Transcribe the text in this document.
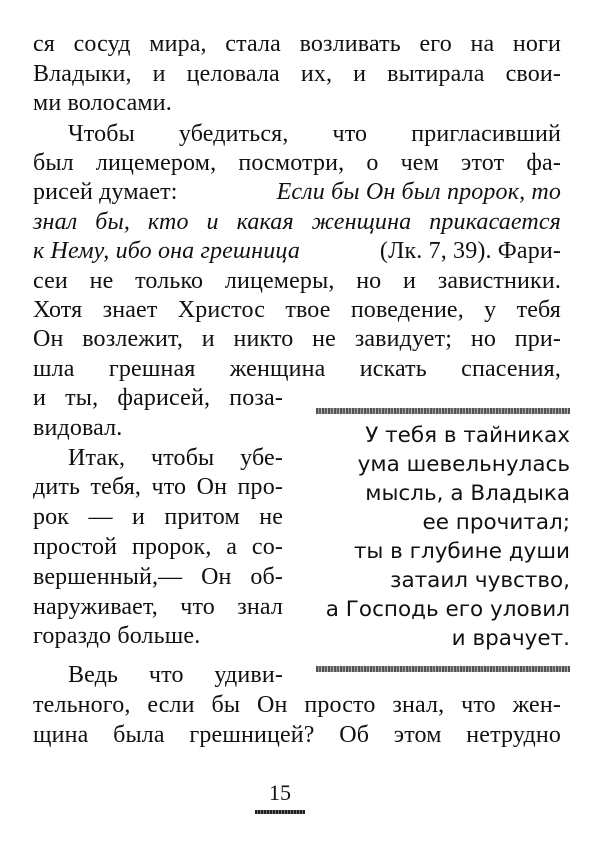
ся сосуд мира, стала возливать его на ноги
Владыки, и целовала их, и вытирала свои-
ми волосами.
Чтобы убедиться, что пригласивший
был лицемером, посмотри, о чем этот фа-
рисей думает:	Если бы Он был пророк, то
знал бы, кто и какая женщина прикасается
к Нему, ибо она грешница	(Лк. 7, 39). Фари-
сеи не только лицемеры, но и завистники.
Хотя знает Христос твое поведение, у тебя
Он возлежит, и никто не завидует; но при-
шла грешная женщина искать спасения,
и ты, фарисей, поза-
видовал.
Итак, чтобы убе-
дить тебя, что Он про-
рок — и притом не
простой пророк, а со-
вершенный,— Он об-
наруживает, что знал
гораздо больше.
Ведь что удиви-
тельного, если бы Он просто знал, что жен-
щина была грешницей? Об этом нетрудно
У тебя в тайниках
ума шевельнулась
мысль, а Владыка
ее прочитал;
ты в глубине души
затаил чувство,
а Господь его уловил
и врачует.
15
